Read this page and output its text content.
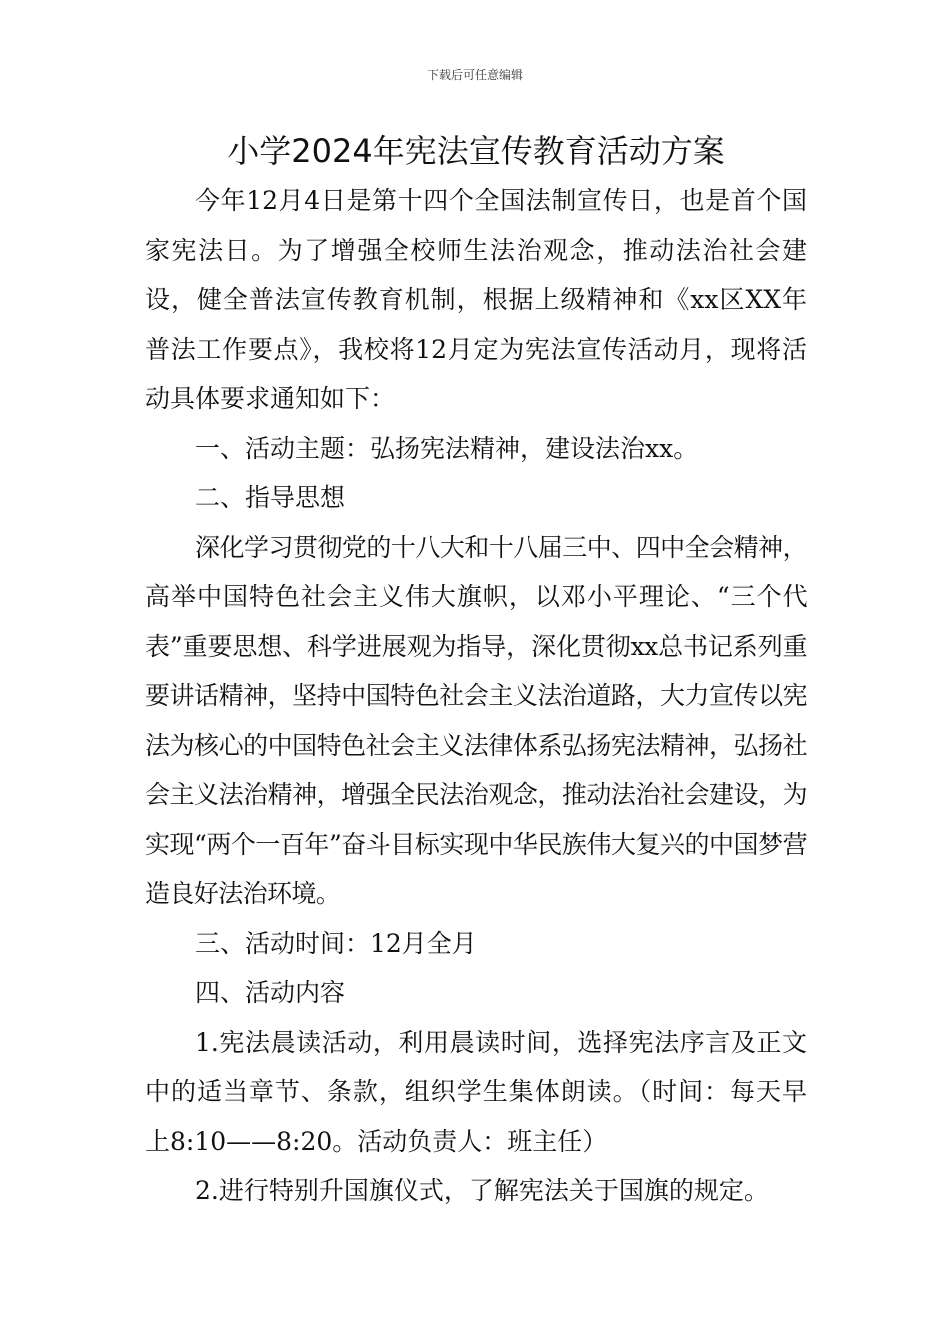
下载后可任意编辑
小学2024年宪法宣传教育活动方案

今年12月4日是第十四个全国法制宣传日，也是首个国家宪法日。为了增强全校师生法治观念，推动法治社会建设，健全普法宣传教育机制，根据上级精神和《xx区XX年普法工作要点》，我校将12月定为宪法宣传活动月，现将活动具体要求通知如下：

一、活动主题：弘扬宪法精神，建设法治xx。

二、指导思想

深化学习贯彻党的十八大和十八届三中、四中全会精神，高举中国特色社会主义伟大旗帜，以邓小平理论、“三个代表”重要思想、科学进展观为指导，深化贯彻xx总书记系列重要讲话精神，坚持中国特色社会主义法治道路，大力宣传以宪法为核心的中国特色社会主义法律体系弘扬宪法精神，弘扬社会主义法治精神，增强全民法治观念，推动法治社会建设，为实现“两个一百年”奋斗目标实现中华民族伟大复兴的中国梦营造良好法治环境。

三、活动时间：12月全月

四、活动内容

1.宪法晨读活动，利用晨读时间，选择宪法序言及正文中的适当章节、条款，组织学生集体朗读。（时间：每天早上8:10——8:20。活动负责人：班主任）

2.进行特别升国旗仪式，了解宪法关于国旗的规定。
